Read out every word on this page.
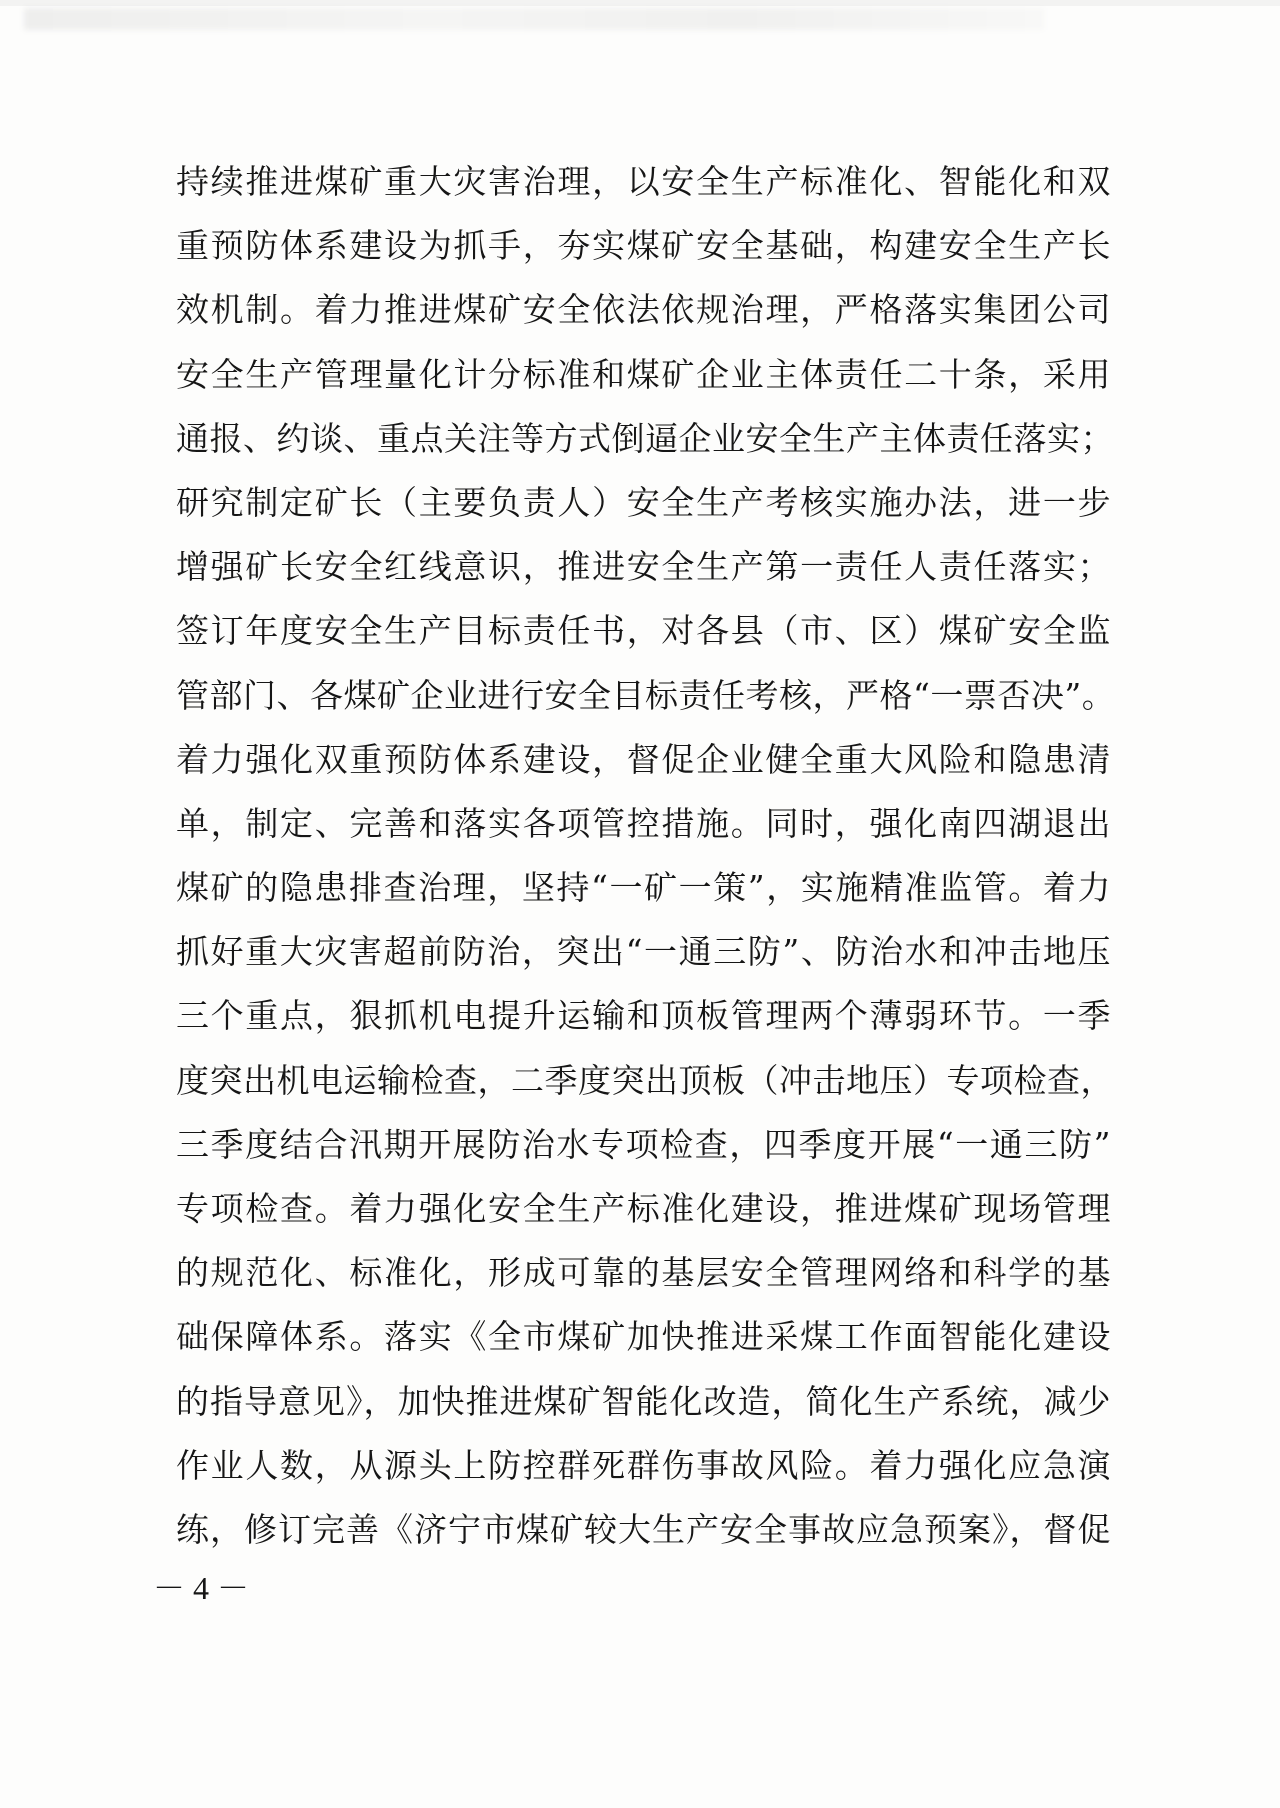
持续推进煤矿重大灾害治理，以安全生产标准化、智能化和双
重预防体系建设为抓手，夯实煤矿安全基础，构建安全生产长
效机制。着力推进煤矿安全依法依规治理，严格落实集团公司
安全生产管理量化计分标准和煤矿企业主体责任二十条，采用
通报、约谈、重点关注等方式倒逼企业安全生产主体责任落实；
研究制定矿长（主要负责人）安全生产考核实施办法，进一步
增强矿长安全红线意识，推进安全生产第一责任人责任落实；
签订年度安全生产目标责任书，对各县（市、区）煤矿安全监
管部门、各煤矿企业进行安全目标责任考核，严格“一票否决”。
着力强化双重预防体系建设，督促企业健全重大风险和隐患清
单，制定、完善和落实各项管控措施。同时，强化南四湖退出
煤矿的隐患排查治理，坚持“一矿一策”，实施精准监管。着力
抓好重大灾害超前防治，突出“一通三防”、防治水和冲击地压
三个重点，狠抓机电提升运输和顶板管理两个薄弱环节。一季
度突出机电运输检查，二季度突出顶板（冲击地压）专项检查，
三季度结合汛期开展防治水专项检查，四季度开展“一通三防”
专项检查。着力强化安全生产标准化建设，推进煤矿现场管理
的规范化、标准化，形成可靠的基层安全管理网络和科学的基
础保障体系。落实《全市煤矿加快推进采煤工作面智能化建设
的指导意见》，加快推进煤矿智能化改造，简化生产系统，减少
作业人数，从源头上防控群死群伤事故风险。着力强化应急演
练，修订完善《济宁市煤矿较大生产安全事故应急预案》，督促
－ 4 －
